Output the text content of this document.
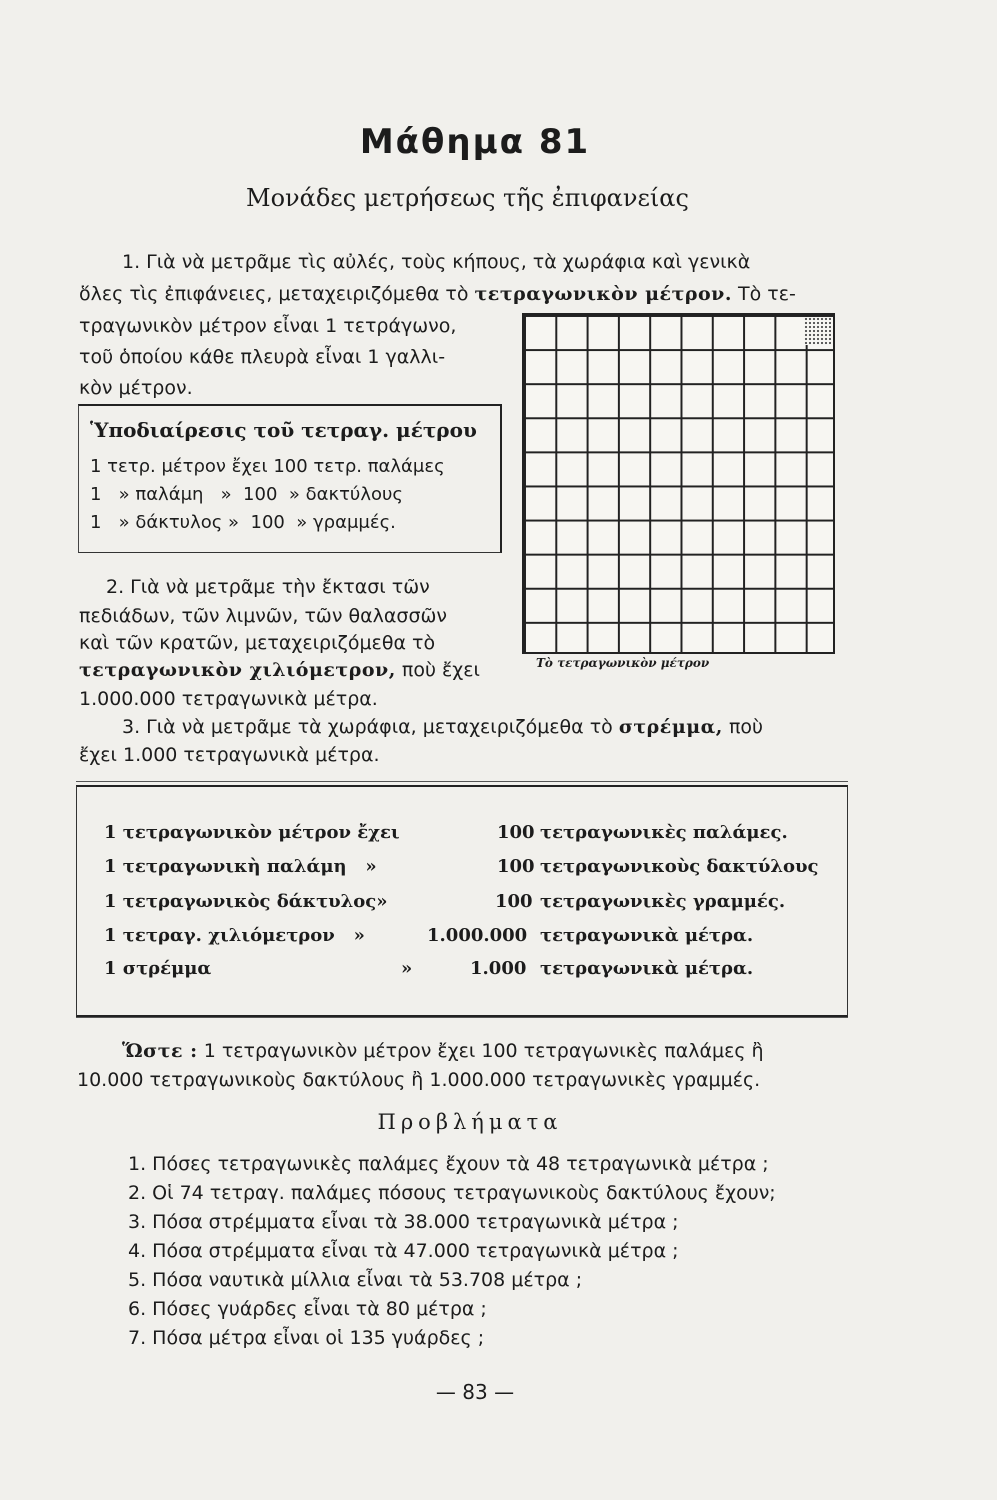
Μάθημα 81
Μονάδες μετρήσεως τῆς ἐπιφανείας
1. Γιὰ νὰ μετρᾶμε τὶς αὐλές, τοὺς κήπους, τὰ χωράφια καὶ γενικὰ
ὅλες τὶς ἐπιφάνειες, μεταχειριζόμεθα τὸ τετραγωνικὸν μέτρον. Τὸ τε-
τραγωνικὸν μέτρον εἶναι 1 τετράγωνο,
τοῦ ὁποίου κάθε πλευρὰ εἶναι 1 γαλλι-
κὸν μέτρον.
Ὑποδιαίρεσις τοῦ τετραγ. μέτρου
1 τετρ. μέτρον ἔχει 100 τετρ. παλάμες
1   » παλάμη   »  100  » δακτύλους
1   » δάκτυλος »  100  » γραμμές.
Τὸ τετραγωνικὸν μέτρον
2. Γιὰ νὰ μετρᾶμε τὴν ἔκτασι τῶν
πεδιάδων, τῶν λιμνῶν, τῶν θαλασσῶν
καὶ τῶν κρατῶν, μεταχειριζόμεθα τὸ
τετραγωνικὸν χιλιόμετρον, ποὺ ἔχει
1.000.000 τετραγωνικὰ μέτρα.
3. Γιὰ νὰ μετρᾶμε τὰ χωράφια, μεταχειριζόμεθα τὸ στρέμμα, ποὺ
ἔχει 1.000 τετραγωνικὰ μέτρα.
1 τετραγωνικὸν μέτρον ἔχει	100 τετραγωνικὲς παλάμες.
1 τετραγωνικὴ παλάμη   »	100 τετραγωνικοὺς δακτύλους
1 τετραγωνικὸς δάκτυλος»	100 τετραγωνικὲς γραμμές.
1 τετραγ. χιλιόμετρον   »	1.000.000 τετραγωνικὰ μέτρα.
1 στρέμμα	»	1.000 τετραγωνικὰ μέτρα.
Ὥστε : 1 τετραγωνικὸν μέτρον ἔχει 100 τετραγωνικὲς παλάμες ἢ
10.000 τετραγωνικοὺς δακτύλους ἢ 1.000.000 τετραγωνικὲς γραμμές.
Προβλήματα
1. Πόσες τετραγωνικὲς παλάμες ἔχουν τὰ 48 τετραγωνικὰ μέτρα ;
2. Οἱ 74 τετραγ. παλάμες πόσους τετραγωνικοὺς δακτύλους ἔχουν;
3. Πόσα στρέμματα εἶναι τὰ 38.000 τετραγωνικὰ μέτρα ;
4. Πόσα στρέμματα εἶναι τὰ 47.000 τετραγωνικὰ μέτρα ;
5. Πόσα ναυτικὰ μίλλια εἶναι τὰ 53.708 μέτρα ;
6. Πόσες γυάρδες εἶναι τὰ 80 μέτρα ;
7. Πόσα μέτρα εἶναι οἱ 135 γυάρδες ;
— 83 —
